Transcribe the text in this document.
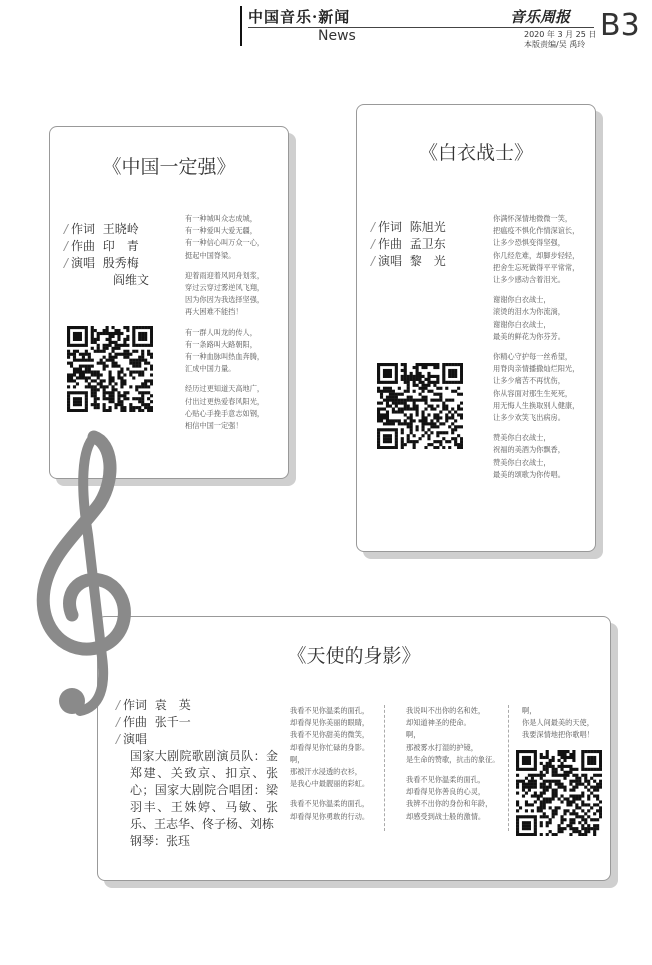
中国音乐·新闻
News
音乐周报
2020 年 3 月 25 日
本版责编/吴 禹玲
B3
《中国一定强》
/ 作词 王晓岭
/ 作曲 印　青
/ 演唱 殷秀梅
阎维文
有一种城叫众志成城，
有一种爱叫大爱无疆，
有一种信心叫万众一心，
挺起中国脊梁。
迎着雨迎着风同舟划浆，
穿过云穿过雾逆风飞翔，
因为你因为我选择坚强，
再大困难不能挡！
有一群人叫龙的传人，
有一条路叫大路朝阳，
有一种血脉叫热血奔腾，
汇成中国力量。
经历过更知道天高地广，
付出过更热爱春风阳光，
心贴心手挽手意志如钢，
相信中国一定强！
《白衣战士》
/ 作词 陈旭光
/ 作曲 孟卫东
/ 演唱 黎　光
你满怀深情地微微一笑，
把瘟疫不惧化作情深谊长，
让多少恐惧变得坚强，
你几经危难，却脚步轻轻，
把舍生忘死做得平平常常，
让多少感动含着泪光。
谢谢你白衣战士，
滚烫的泪水为你流淌，
谢谢你白衣战士，
最美的鲜花为你芬芳。
你精心守护每一丝希望，
用脊肉亲情播撒灿烂阳光，
让多少痛苦不再忧伤，
你从容面对那生生死死，
用无悔人生换取别人健康，
让多少欢笑飞出病房。
赞美你白衣战士，
祝福的美酒为你飘香，
赞美你白衣战士，
最美的颂歌为你传唱。
《天使的身影》
/ 作词 袁　英
/ 作曲 张千一
/ 演唱
国家大剧院歌剧演员队：金郑建、关致京、扣京、张心；国家大剧院合唱团：梁羽丰、王姝婷、马敏、张乐、王志华、佟子杨、刘栋
钢琴：张珏
我看不见你温柔的面孔，
却看得见你美丽的眼睛，
我看不见你甜美的微笑，
却看得见你忙碌的身影。
啊，
那被汗水浸透的衣衫，
是我心中最靓丽的彩虹。
我看不见你温柔的面孔，
却看得见你勇敢的行动。
我说叫不出你的名和姓，
却知道神圣的使命。
啊，
那被雾水打湿的护镜，
是生命的赞歌，抗击的象征。
我看不见你温柔的面孔，
却看得见你善良的心灵，
我辨不出你的身份和年龄，
却感受到战士般的激情。
啊，
你是人间最美的天使，
我要深情地把你歌唱！
